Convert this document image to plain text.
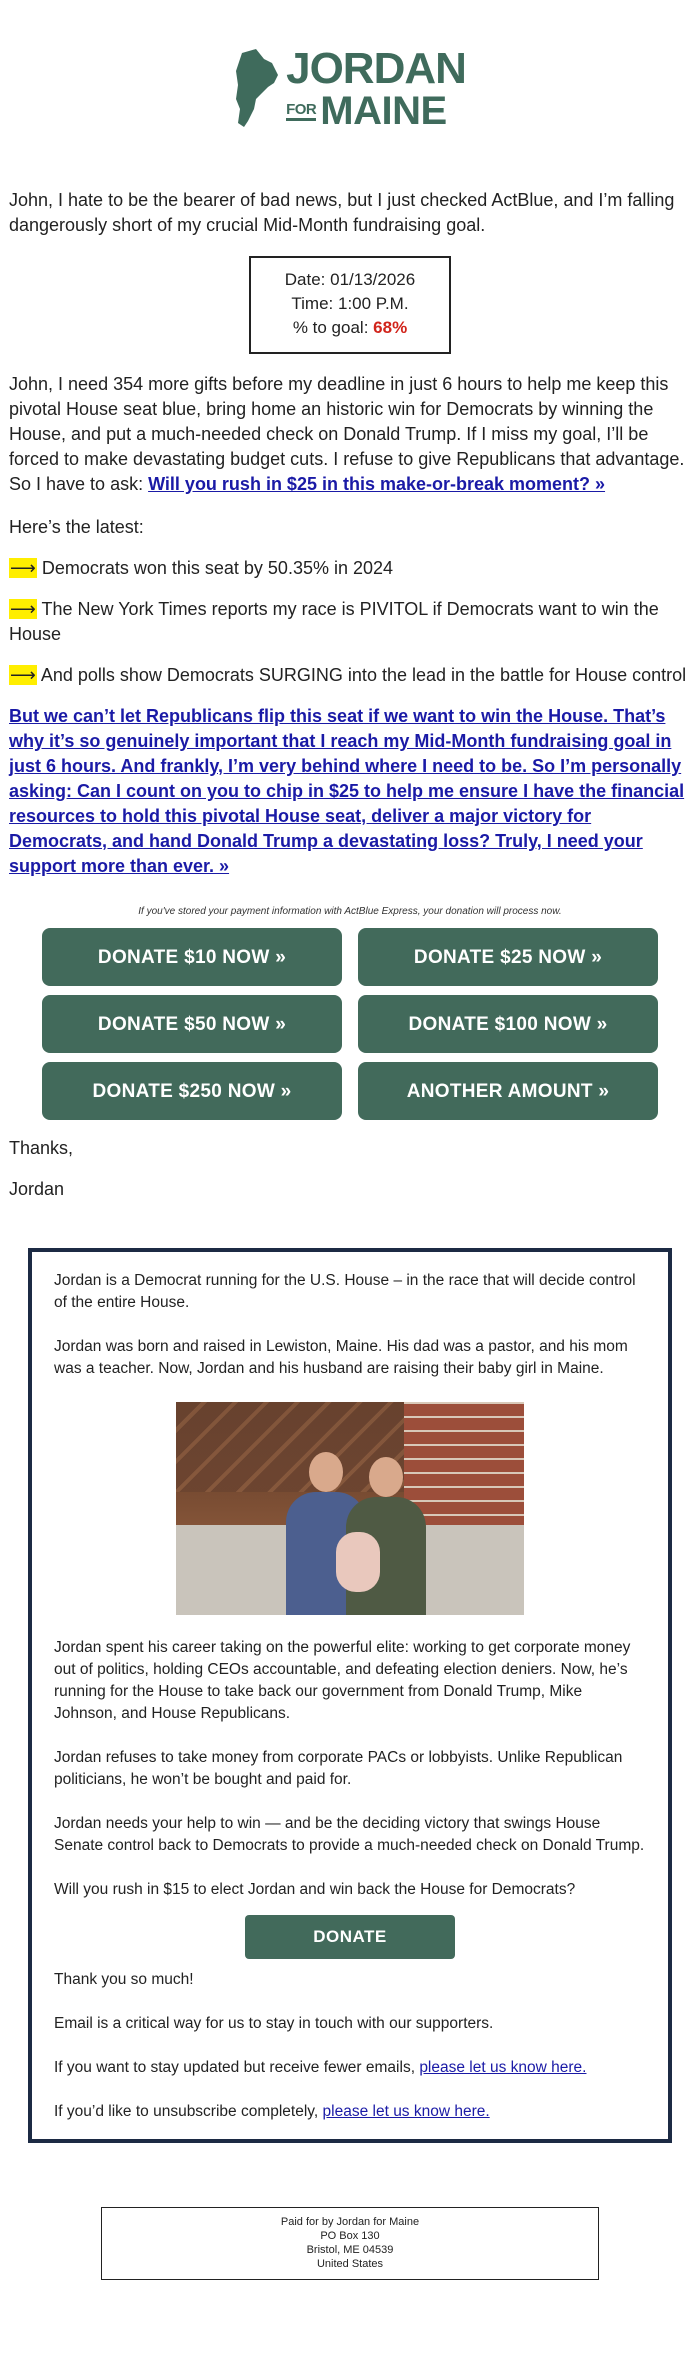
JORDAN
FOR MAINE

John, I hate to be the bearer of bad news, but I just checked ActBlue, and I’m falling dangerously short of my crucial Mid-Month fundraising goal.

Date: 01/13/2026
Time: 1:00 P.M.
% to goal: 68%

John, I need 354 more gifts before my deadline in just 6 hours to help me keep this pivotal House seat blue, bring home an historic win for Democrats by winning the House, and put a much-needed check on Donald Trump. If I miss my goal, I’ll be forced to make devastating budget cuts. I refuse to give Republicans that advantage. So I have to ask: Will you rush in $25 in this make-or-break moment? »

Here’s the latest:

⟶ Democrats won this seat by 50.35% in 2024

⟶ The New York Times reports my race is PIVITOL if Democrats want to win the House

⟶ And polls show Democrats SURGING into the lead in the battle for House control

But we can’t let Republicans flip this seat if we want to win the House. That’s why it’s so genuinely important that I reach my Mid-Month fundraising goal in just 6 hours. And frankly, I’m very behind where I need to be. So I’m personally asking: Can I count on you to chip in $25 to help me ensure I have the financial resources to hold this pivotal House seat, deliver a major victory for Democrats, and hand Donald Trump a devastating loss? Truly, I need your support more than ever. »

If you've stored your payment information with ActBlue Express, your donation will process now.
DONATE $10 NOW »	DONATE $25 NOW »
DONATE $50 NOW »	DONATE $100 NOW »
DONATE $250 NOW »	ANOTHER AMOUNT »

Thanks,

Jordan

Jordan is a Democrat running for the U.S. House – in the race that will decide control of the entire House.

Jordan was born and raised in Lewiston, Maine. His dad was a pastor, and his mom was a teacher. Now, Jordan and his husband are raising their baby girl in Maine.

Jordan spent his career taking on the powerful elite: working to get corporate money out of politics, holding CEOs accountable, and defeating election deniers. Now, he’s running for the House to take back our government from Donald Trump, Mike Johnson, and House Republicans.

Jordan refuses to take money from corporate PACs or lobbyists. Unlike Republican politicians, he won’t be bought and paid for.

Jordan needs your help to win — and be the deciding victory that swings House Senate control back to Democrats to provide a much-needed check on Donald Trump.

Will you rush in $15 to elect Jordan and win back the House for Democrats?

DONATE

Thank you so much!

Email is a critical way for us to stay in touch with our supporters.

If you want to stay updated but receive fewer emails, please let us know here.

If you’d like to unsubscribe completely, please let us know here.

Paid for by Jordan for Maine
PO Box 130
Bristol, ME 04539
United States
